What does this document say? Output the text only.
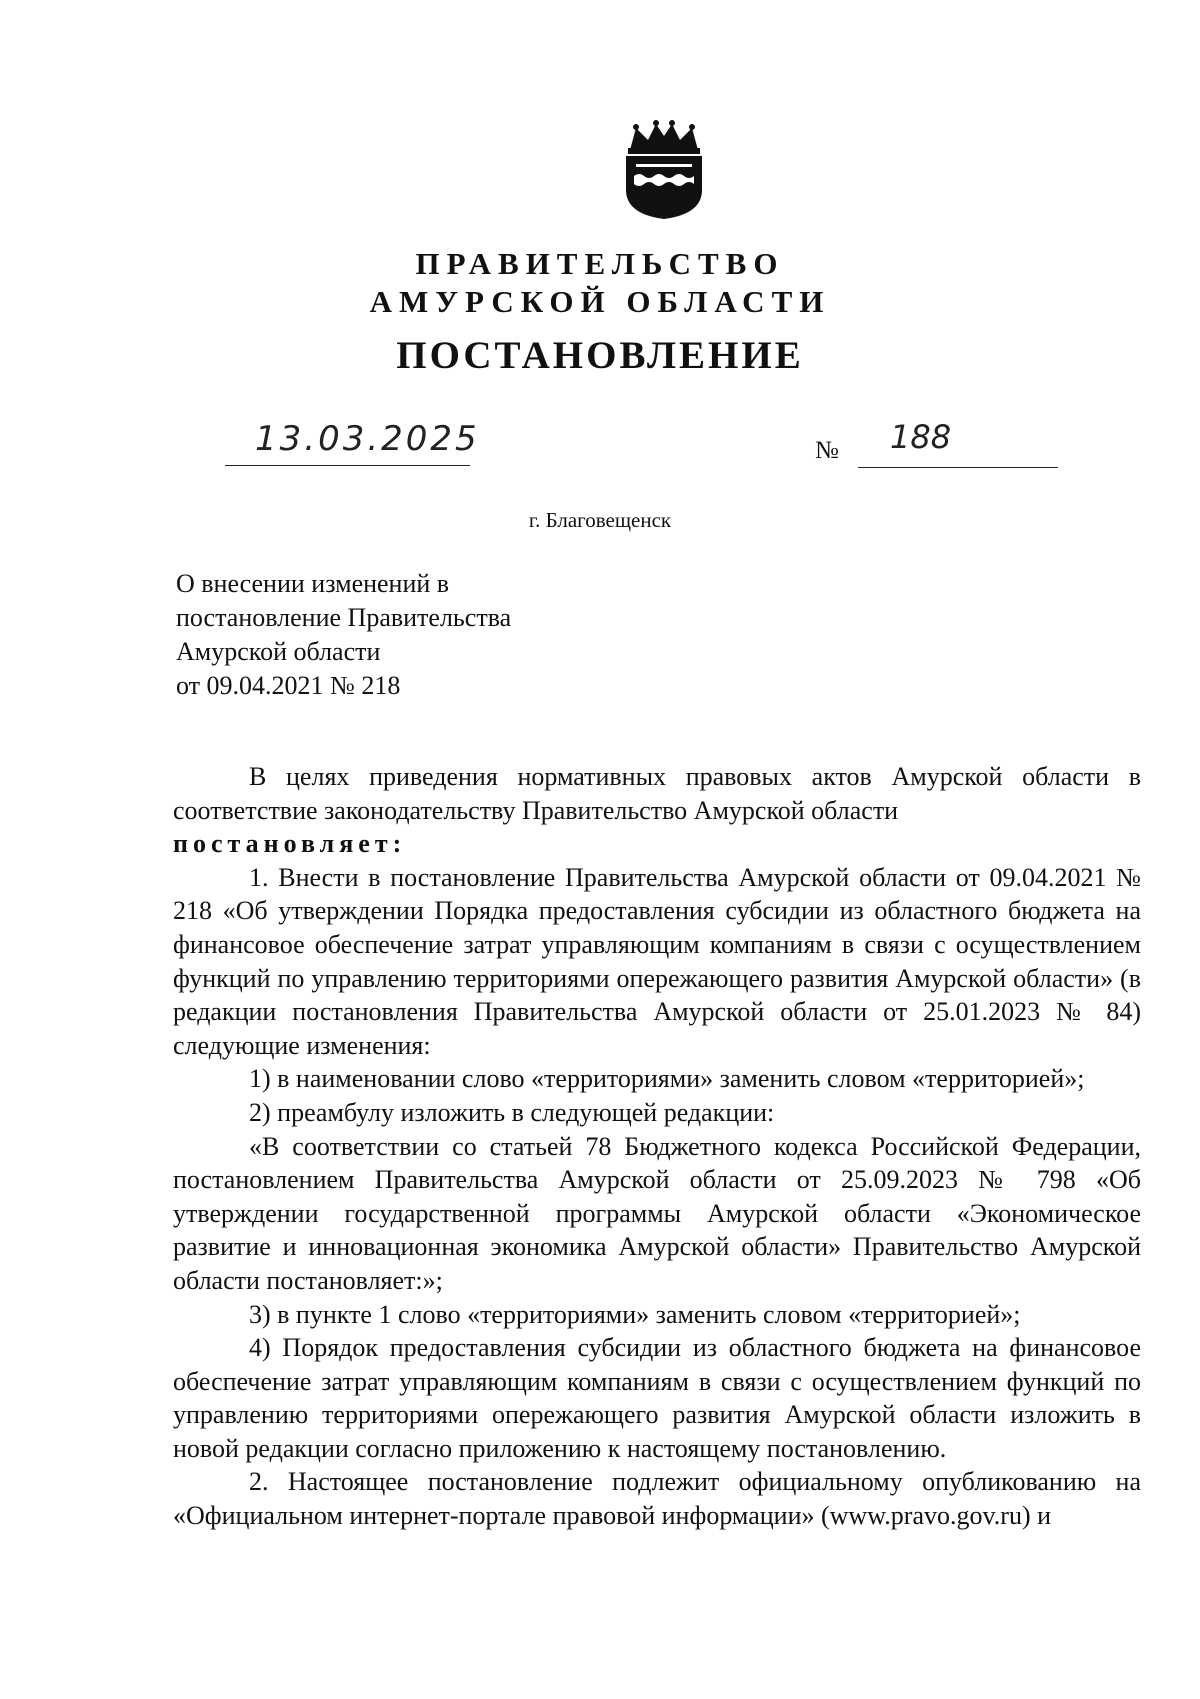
ПРАВИТЕЛЬСТВО
АМУРСКОЙ ОБЛАСТИ
ПОСТАНОВЛЕНИЕ
13.03.2025	№ 188
г. Благовещенск
О внесении изменений в
постановление Правительства
Амурской области
от 09.04.2021 № 218

В целях приведения нормативных правовых актов Амурской области в соответствие законодательству Правительство Амурской области

постановляет:

1. Внести в постановление Правительства Амурской области от 09.04.2021 № 218 «Об утверждении Порядка предоставления субсидии из областного бюджета на финансовое обеспечение затрат управляющим компаниям в связи с осуществлением функций по управлению территориями опережающего развития Амурской области» (в редакции постановления Правительства Амурской области от 25.01.2023 № 84) следующие изменения:

1) в наименовании слово «территориями» заменить словом «территорией»;

2) преамбулу изложить в следующей редакции:

«В соответствии со статьей 78 Бюджетного кодекса Российской Федерации, постановлением Правительства Амурской области от 25.09.2023 № 798 «Об утверждении государственной программы Амурской области «Экономическое развитие и инновационная экономика Амурской области» Правительство Амурской области постановляет:»;

3) в пункте 1 слово «территориями» заменить словом «территорией»;

4) Порядок предоставления субсидии из областного бюджета на финансовое обеспечение затрат управляющим компаниям в связи с осуществлением функций по управлению территориями опережающего развития Амурской области изложить в новой редакции согласно приложению к настоящему постановлению.

2. Настоящее постановление подлежит официальному опубликованию на «Официальном интернет-портале правовой информации» (www.pravo.gov.ru) и
